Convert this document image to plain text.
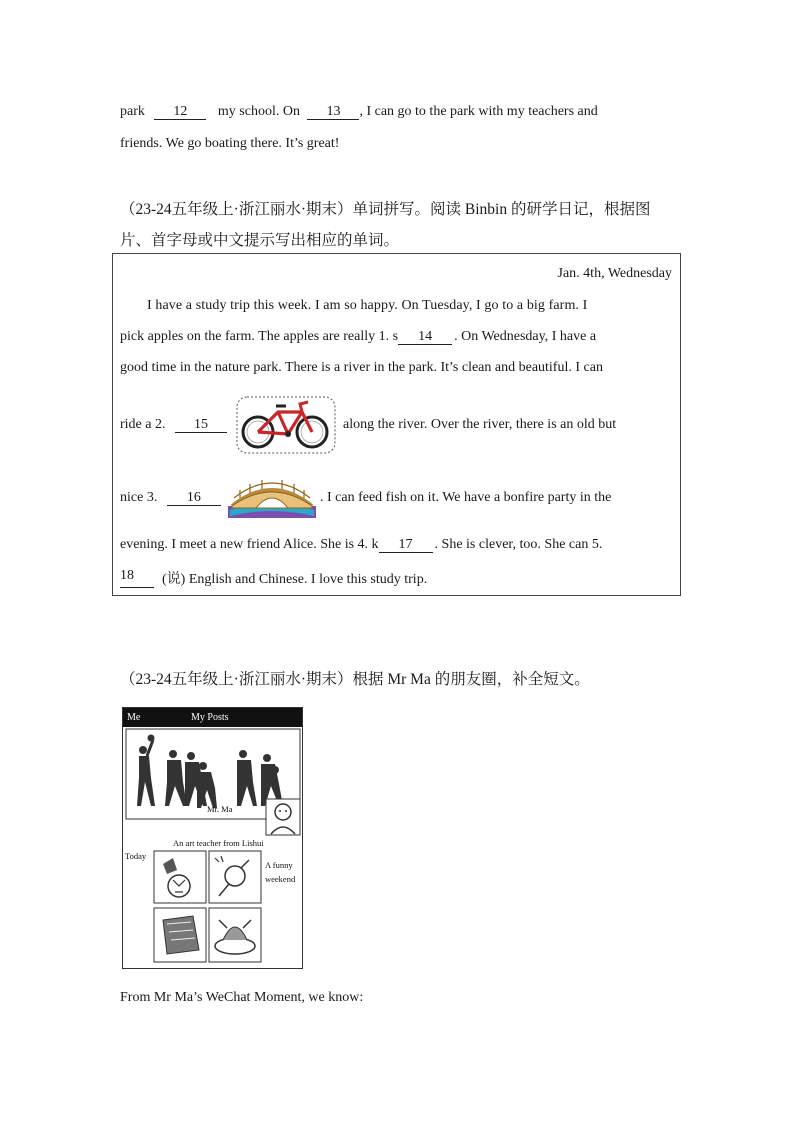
park 12 my school. On 13 , I can go to the park with my teachers and
friends. We go boating there. It’s great!
（23-24五年级上·浙江丽水·期末）单词拼写。阅读 Binbin 的研学日记，根据图
片、首字母或中文提示写出相应的单词。
Jan. 4th, Wednesday
I have a study trip this week. I am so happy. On Tuesday, I go to a big farm. I
pick apples on the farm. The apples are really 1. s	14	. On Wednesday, I have a
good time in the nature park. There is a river in the park. It’s clean and beautiful. I can
ride a 2. 15	along the river. Over the river, there is an old but
nice 3. 16	. I can feed fish on it. We have a bonfire party in the
evening. I meet a new friend Alice. She is 4. k	17	. She is clever, too. She can 5.
18	(说) English and Chinese. I love this study trip.
（23-24五年级上·浙江丽水·期末）根据 Mr Ma 的朋友圈，补全短文。
Me	My Posts
Mr. Ma
An art teacher from Lishui
Today
A funny
weekend
From Mr Ma’s WeChat Moment, we know:
